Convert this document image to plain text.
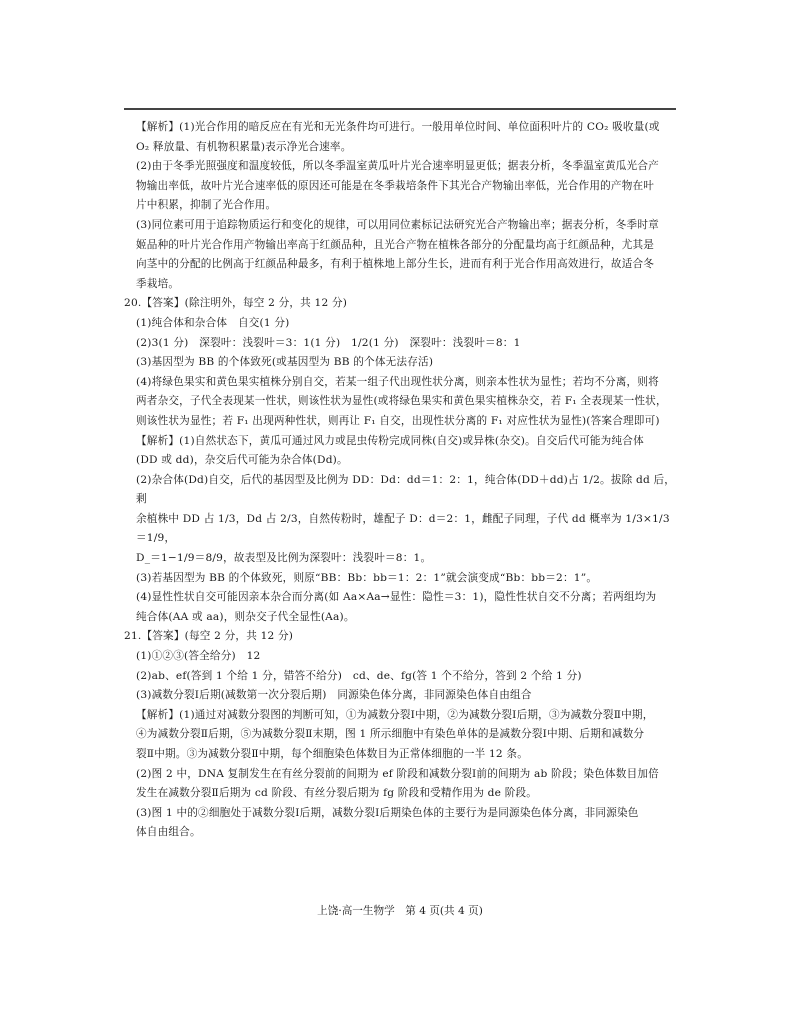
【解析】(1)光合作用的暗反应在有光和无光条件均可进行。一般用单位时间、单位面积叶片的 CO₂ 吸收量(或
O₂ 释放量、有机物积累量)表示净光合速率。
(2)由于冬季光照强度和温度较低，所以冬季温室黄瓜叶片光合速率明显更低；据表分析，冬季温室黄瓜光合产
物输出率低，故叶片光合速率低的原因还可能是在冬季栽培条件下其光合产物输出率低，光合作用的产物在叶
片中积累，抑制了光合作用。
(3)同位素可用于追踪物质运行和变化的规律，可以用同位素标记法研究光合产物输出率；据表分析，冬季时章
姬品种的叶片光合作用产物输出率高于红颜品种，且光合产物在植株各部分的分配量均高于红颜品种，尤其是
向茎中的分配的比例高于红颜品种最多，有利于植株地上部分生长，进而有利于光合作用高效进行，故适合冬
季栽培。
20.【答案】(除注明外，每空 2 分，共 12 分)
(1)纯合体和杂合体　自交(1 分)
(2)3(1 分)　深裂叶：浅裂叶＝3：1(1 分)　1/2(1 分)　深裂叶：浅裂叶＝8：1
(3)基因型为 BB 的个体致死(或基因型为 BB 的个体无法存活)
(4)将绿色果实和黄色果实植株分别自交，若某一组子代出现性状分离，则亲本性状为显性；若均不分离，则将
两者杂交，子代全表现某一性状，则该性状为显性(或将绿色果实和黄色果实植株杂交，若 F₁ 全表现某一性状，
则该性状为显性；若 F₁ 出现两种性状，则再让 F₁ 自交，出现性状分离的 F₁ 对应性状为显性)(答案合理即可)
【解析】(1)自然状态下，黄瓜可通过风力或昆虫传粉完成同株(自交)或异株(杂交)。自交后代可能为纯合体
(DD 或 dd)，杂交后代可能为杂合体(Dd)。
(2)杂合体(Dd)自交，后代的基因型及比例为 DD：Dd：dd＝1：2：1，纯合体(DD＋dd)占 1/2。拔除 dd 后，剩
余植株中 DD 占 1/3，Dd 占 2/3，自然传粉时，雄配子 D：d＝2：1，雌配子同理，子代 dd 概率为 1/3×1/3＝1/9，
D_＝1−1/9＝8/9，故表型及比例为深裂叶：浅裂叶＝8：1。
(3)若基因型为 BB 的个体致死，则原“BB：Bb：bb＝1：2：1”就会演变成“Bb：bb＝2：1”。
(4)显性性状自交可能因亲本杂合而分离(如 Aa×Aa→显性：隐性＝3：1)，隐性性状自交不分离；若两组均为
纯合体(AA 或 aa)，则杂交子代全显性(Aa)。
21.【答案】(每空 2 分，共 12 分)
(1)①②③(答全给分)　12
(2)ab、ef(答到 1 个给 1 分，错答不给分)　cd、de、fg(答 1 个不给分，答到 2 个给 1 分)
(3)减数分裂Ⅰ后期(减数第一次分裂后期)　同源染色体分离，非同源染色体自由组合
【解析】(1)通过对减数分裂图的判断可知，①为减数分裂Ⅰ中期，②为减数分裂Ⅰ后期，③为减数分裂Ⅱ中期，
④为减数分裂Ⅱ后期，⑤为减数分裂Ⅱ末期，图 1 所示细胞中有染色单体的是减数分裂Ⅰ中期、后期和减数分
裂Ⅱ中期。③为减数分裂Ⅱ中期，每个细胞染色体数目为正常体细胞的一半 12 条。
(2)图 2 中，DNA 复制发生在有丝分裂前的间期为 ef 阶段和减数分裂Ⅰ前的间期为 ab 阶段；染色体数目加倍
发生在减数分裂Ⅱ后期为 cd 阶段、有丝分裂后期为 fg 阶段和受精作用为 de 阶段。
(3)图 1 中的②细胞处于减数分裂Ⅰ后期，减数分裂Ⅰ后期染色体的主要行为是同源染色体分离，非同源染色
体自由组合。
上饶·高一生物学　第 4 页(共 4 页)
